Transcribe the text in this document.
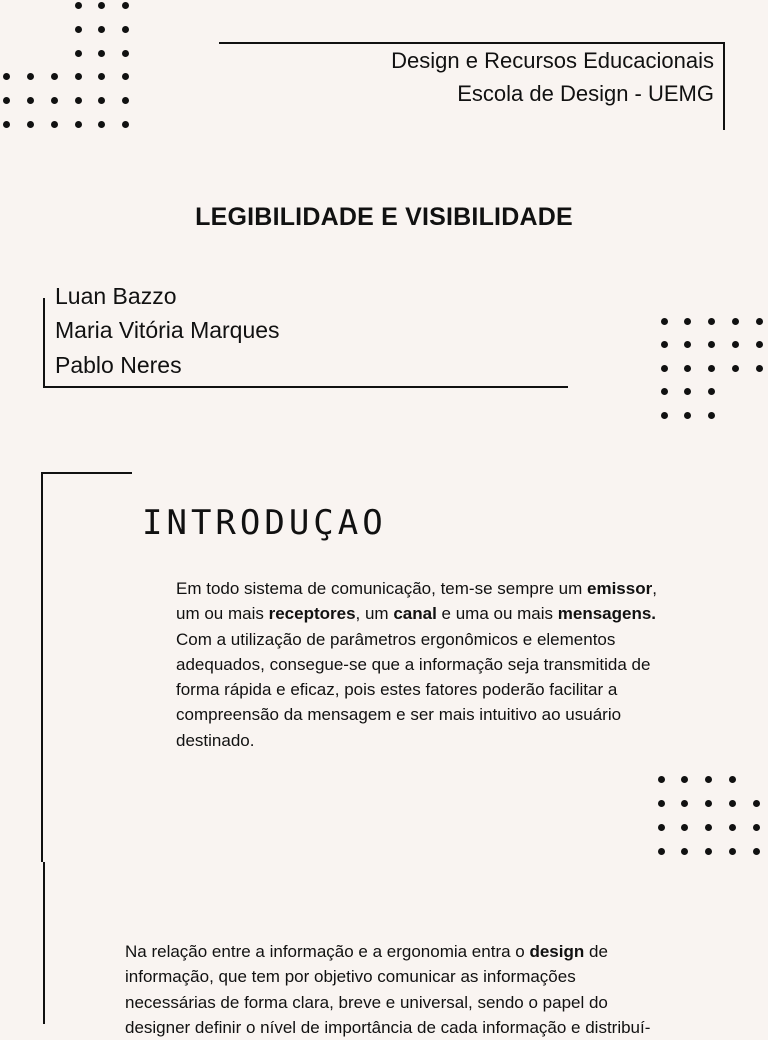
Design e Recursos Educacionais
Escola de Design - UEMG
LEGIBILIDADE E VISIBILIDADE
Luan Bazzo
Maria Vitória Marques
Pablo Neres
INTRODUÇAO
Em todo sistema de comunicação, tem-se sempre um emissor, um ou mais receptores, um canal e uma ou mais mensagens.
Com a utilização de parâmetros ergonômicos e elementos adequados, consegue-se que a informação seja transmitida de forma rápida e eficaz, pois estes fatores poderão facilitar a compreensão da mensagem e ser mais intuitivo ao usuário destinado.
Na relação entre a informação e a ergonomia entra o design de informação, que tem por objetivo comunicar as informações necessárias de forma clara, breve e universal, sendo o papel do designer definir o nível de importância de cada informação e distribuí-
